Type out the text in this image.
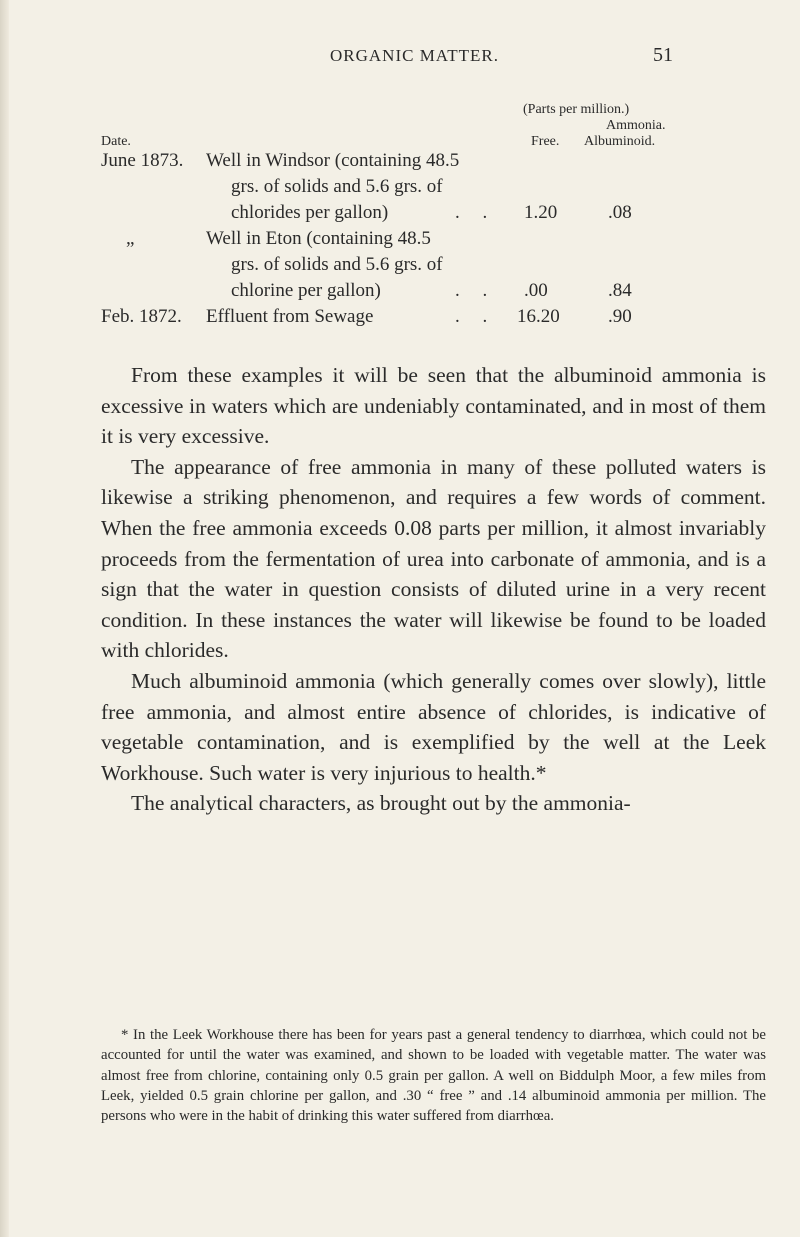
ORGANIC MATTER.	51
(Parts per million.)
Ammonia.
Date.	Free. Albuminoid.
June 1873. Well in Windsor (containing 48.5
grs. of solids and 5.6 grs. of
chlorides per gallon)	. . 1.20	.08
„	Well in Eton (containing 48.5
grs. of solids and 5.6 grs. of
chlorine per gallon)	. . .00	.84
Feb. 1872. Effluent from Sewage	. . 16.20	.90

From these examples it will be seen that the albuminoid ammonia is excessive in waters which are undeniably contaminated, and in most of them it is very excessive.

The appearance of free ammonia in many of these polluted waters is likewise a striking phenomenon, and requires a few words of comment. When the free ammonia exceeds 0.08 parts per million, it almost invariably proceeds from the fermentation of urea into carbonate of ammonia, and is a sign that the water in question consists of diluted urine in a very recent condition. In these instances the water will likewise be found to be loaded with chlorides.

Much albuminoid ammonia (which generally comes over slowly), little free ammonia, and almost entire absence of chlorides, is indicative of vegetable contamination, and is exemplified by the well at the Leek Workhouse. Such water is very injurious to health.*

The analytical characters, as brought out by the ammonia-

* In the Leek Workhouse there has been for years past a general tendency to diarrhœa, which could not be accounted for until the water was examined, and shown to be loaded with vegetable matter. The water was almost free from chlorine, containing only 0.5 grain per gallon. A well on Biddulph Moor, a few miles from Leek, yielded 0.5 grain chlorine per gallon, and .30 “ free ” and .14 albuminoid ammonia per million. The persons who were in the habit of drinking this water suffered from diarrhœa.
